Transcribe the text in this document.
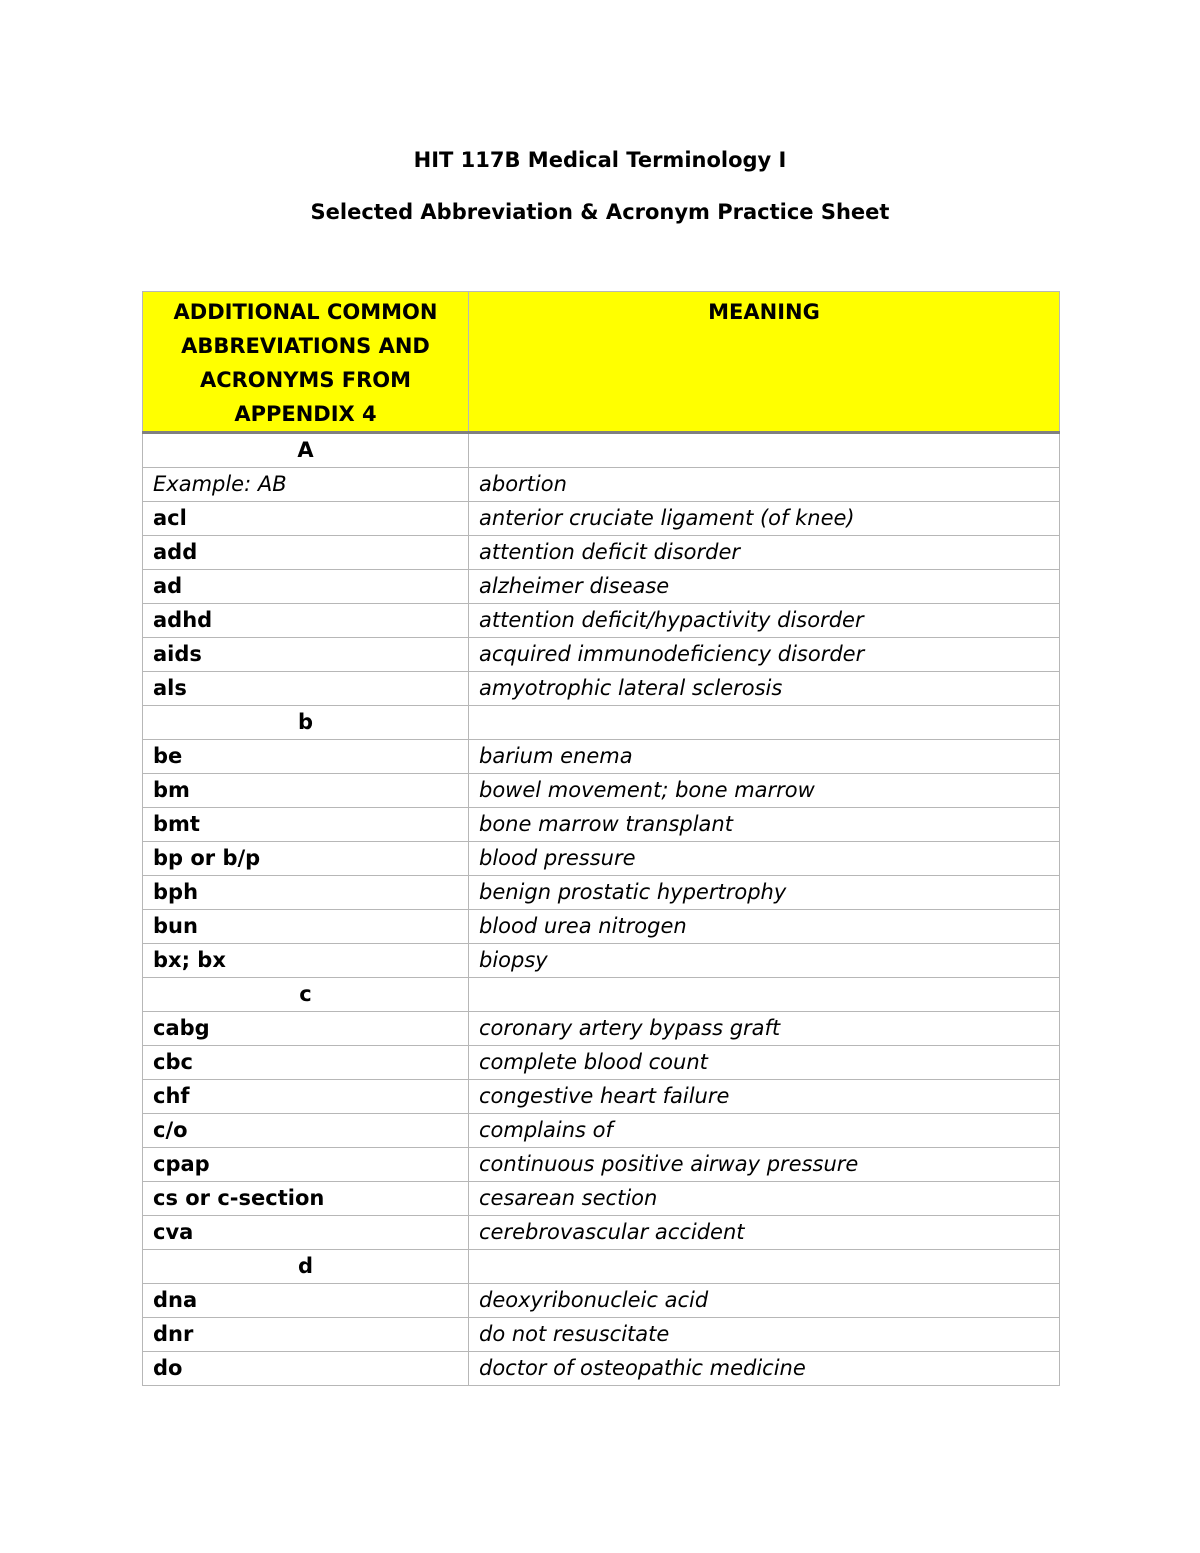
HIT 117B Medical Terminology I
Selected Abbreviation & Acronym Practice Sheet
ADDITIONAL COMMON ABBREVIATIONS AND ACRONYMS FROM APPENDIX 4	MEANING
A	
Example: AB	abortion
acl	anterior cruciate ligament (of knee)
add	attention deficit disorder
ad	alzheimer disease
adhd	attention deficit/hypactivity disorder
aids	acquired immunodeficiency disorder
als	amyotrophic lateral sclerosis
b	
be	barium enema
bm	bowel movement; bone marrow
bmt	bone marrow transplant
bp or b/p	blood pressure
bph	benign prostatic hypertrophy
bun	blood urea nitrogen
bx; bx	biopsy
c	
cabg	coronary artery bypass graft
cbc	complete blood count
chf	congestive heart failure
c/o	complains of
cpap	continuous positive airway pressure
cs or c-section	cesarean section
cva	cerebrovascular accident
d	
dna	deoxyribonucleic acid
dnr	do not resuscitate
do	doctor of osteopathic medicine
